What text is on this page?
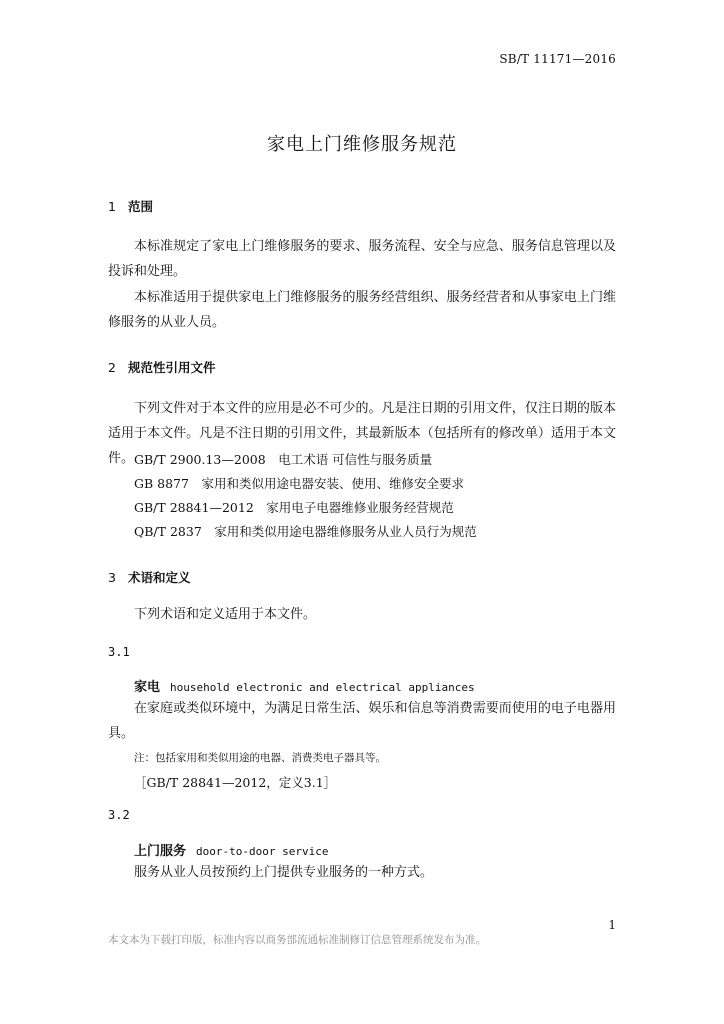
SB/T 11171—2016
家电上门维修服务规范
1 范围
本标准规定了家电上门维修服务的要求、服务流程、安全与应急、服务信息管理以及投诉和处理。
本标准适用于提供家电上门维修服务的服务经营组织、服务经营者和从事家电上门维修服务的从业人员。
2 规范性引用文件
下列文件对于本文件的应用是必不可少的。凡是注日期的引用文件，仅注日期的版本适用于本文件。凡是不注日期的引用文件，其最新版本（包括所有的修改单）适用于本文件。 GB/T 2900.13—2008　电工术语 可信性与服务质量
GB 8877　家用和类似用途电器安装、使用、维修安全要求
GB/T 28841—2012　家用电子电器维修业服务经营规范
QB/T 2837　家用和类似用途电器维修服务从业人员行为规范
3 术语和定义
下列术语和定义适用于本文件。
3.1
家电 household electronic and electrical appliances
在家庭或类似环境中，为满足日常生活、娱乐和信息等消费需要而使用的电子电器用具。
注：包括家用和类似用途的电器、消费类电子器具等。
［GB/T 28841—2012，定义3.1］
3.2
上门服务 door-to-door service
服务从业人员按预约上门提供专业服务的一种方式。
1
本文本为下载打印版，标准内容以商务部流通标准制修订信息管理系统发布为准。
